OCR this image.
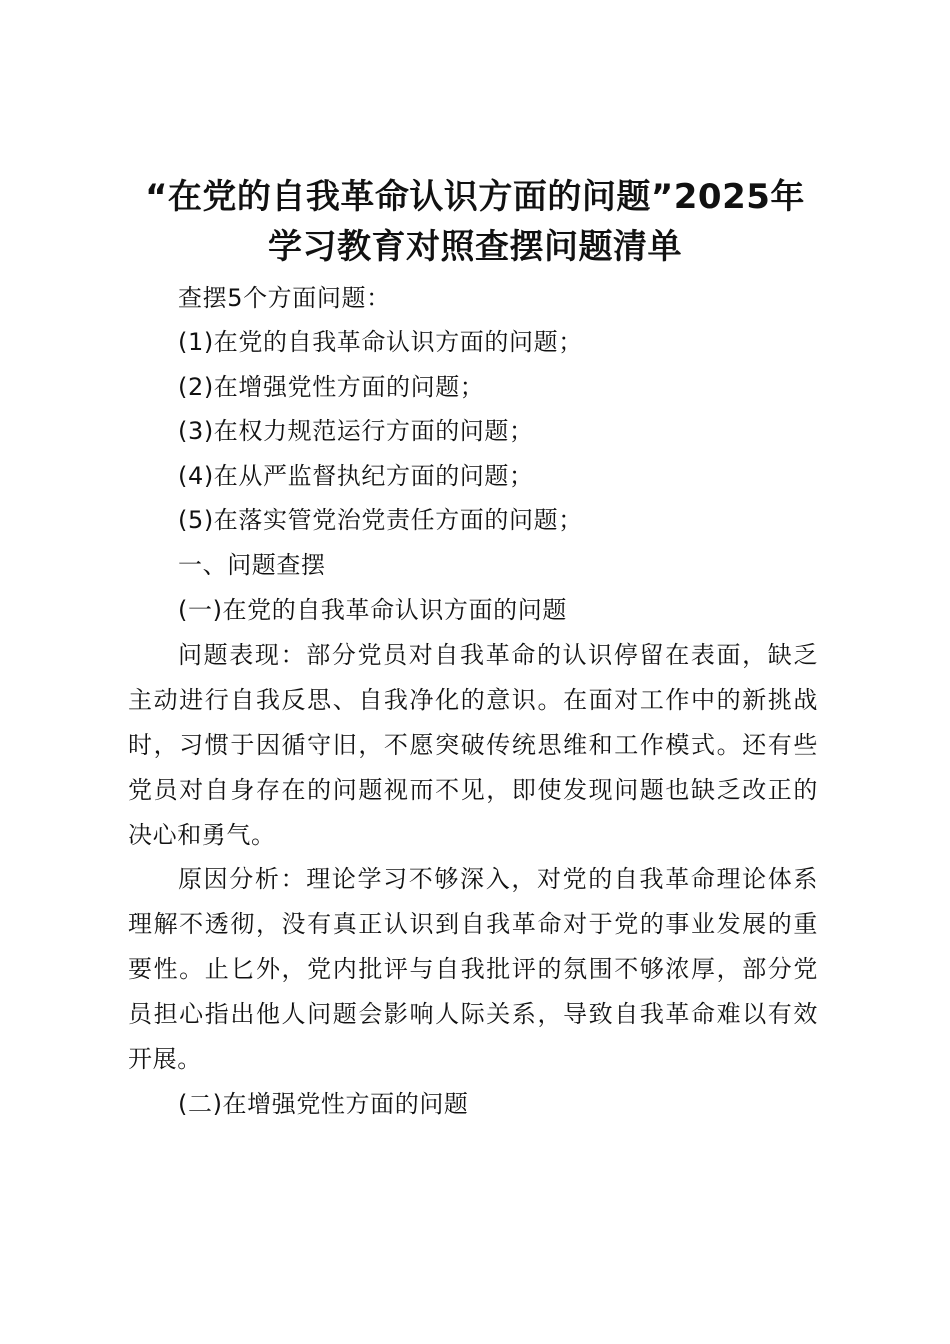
“在党的自我革命认识方面的问题”2025年
学习教育对照查摆问题清单
查摆5个方面问题：
(1)在党的自我革命认识方面的问题；
(2)在增强党性方面的问题；
(3)在权力规范运行方面的问题；
(4)在从严监督执纪方面的问题；
(5)在落实管党治党责任方面的问题；
一、问题查摆
(一)在党的自我革命认识方面的问题
问题表现：部分党员对自我革命的认识停留在表面，缺乏
主动进行自我反思、自我净化的意识。在面对工作中的新挑战
时，习惯于因循守旧，不愿突破传统思维和工作模式。还有些
党员对自身存在的问题视而不见，即使发现问题也缺乏改正的
决心和勇气。
原因分析：理论学习不够深入，对党的自我革命理论体系
理解不透彻，没有真正认识到自我革命对于党的事业发展的重
要性。止匕外，党内批评与自我批评的氛围不够浓厚，部分党
员担心指出他人问题会影响人际关系，导致自我革命难以有效
开展。
(二)在增强党性方面的问题
